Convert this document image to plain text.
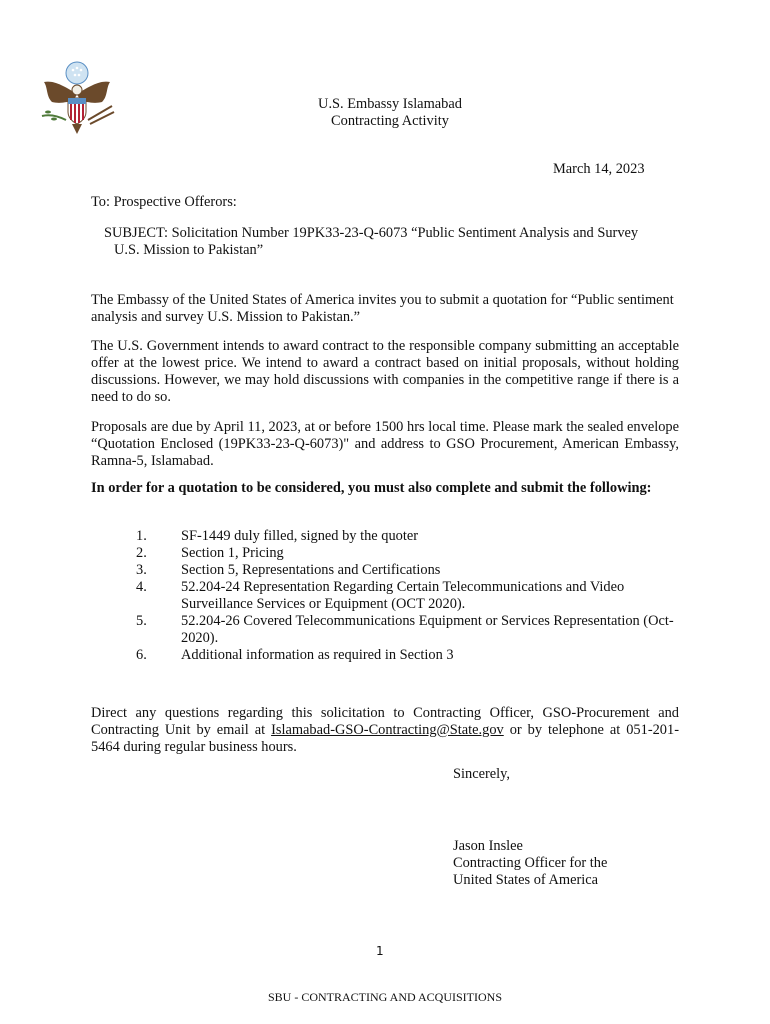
U.S. Embassy Islamabad
Contracting Activity
March 14, 2023
To: Prospective Offerors:
SUBJECT: Solicitation Number 19PK33-23-Q-6073 “Public Sentiment Analysis and Survey
U.S. Mission to Pakistan”
The Embassy of the United States of America invites you to submit a quotation for “Public sentiment analysis and survey U.S. Mission to Pakistan.”
The U.S. Government intends to award contract to the responsible company submitting an acceptable offer at the lowest price. We intend to award a contract based on initial proposals, without holding discussions. However, we may hold discussions with companies in the competitive range if there is a need to do so.
Proposals are due by April 11, 2023, at or before 1500 hrs local time. Please mark the sealed envelope “Quotation Enclosed (19PK33-23-Q-6073)" and address to GSO Procurement, American Embassy, Ramna-5, Islamabad.
In order for a quotation to be considered, you must also complete and submit the following:
1. SF-1449 duly filled, signed by the quoter
2. Section 1, Pricing
3. Section 5, Representations and Certifications
4. 52.204-24 Representation Regarding Certain Telecommunications and Video Surveillance Services or Equipment (OCT 2020).
5. 52.204-26 Covered Telecommunications Equipment or Services Representation (Oct-2020).
6. Additional information as required in Section 3
Direct any questions regarding this solicitation to Contracting Officer, GSO-Procurement and Contracting Unit by email at Islamabad-GSO-Contracting@State.gov or by telephone at 051-201-5464 during regular business hours.
Sincerely,
Jason Inslee
Contracting Officer for the
United States of America
1
SBU - CONTRACTING AND ACQUISITIONS
